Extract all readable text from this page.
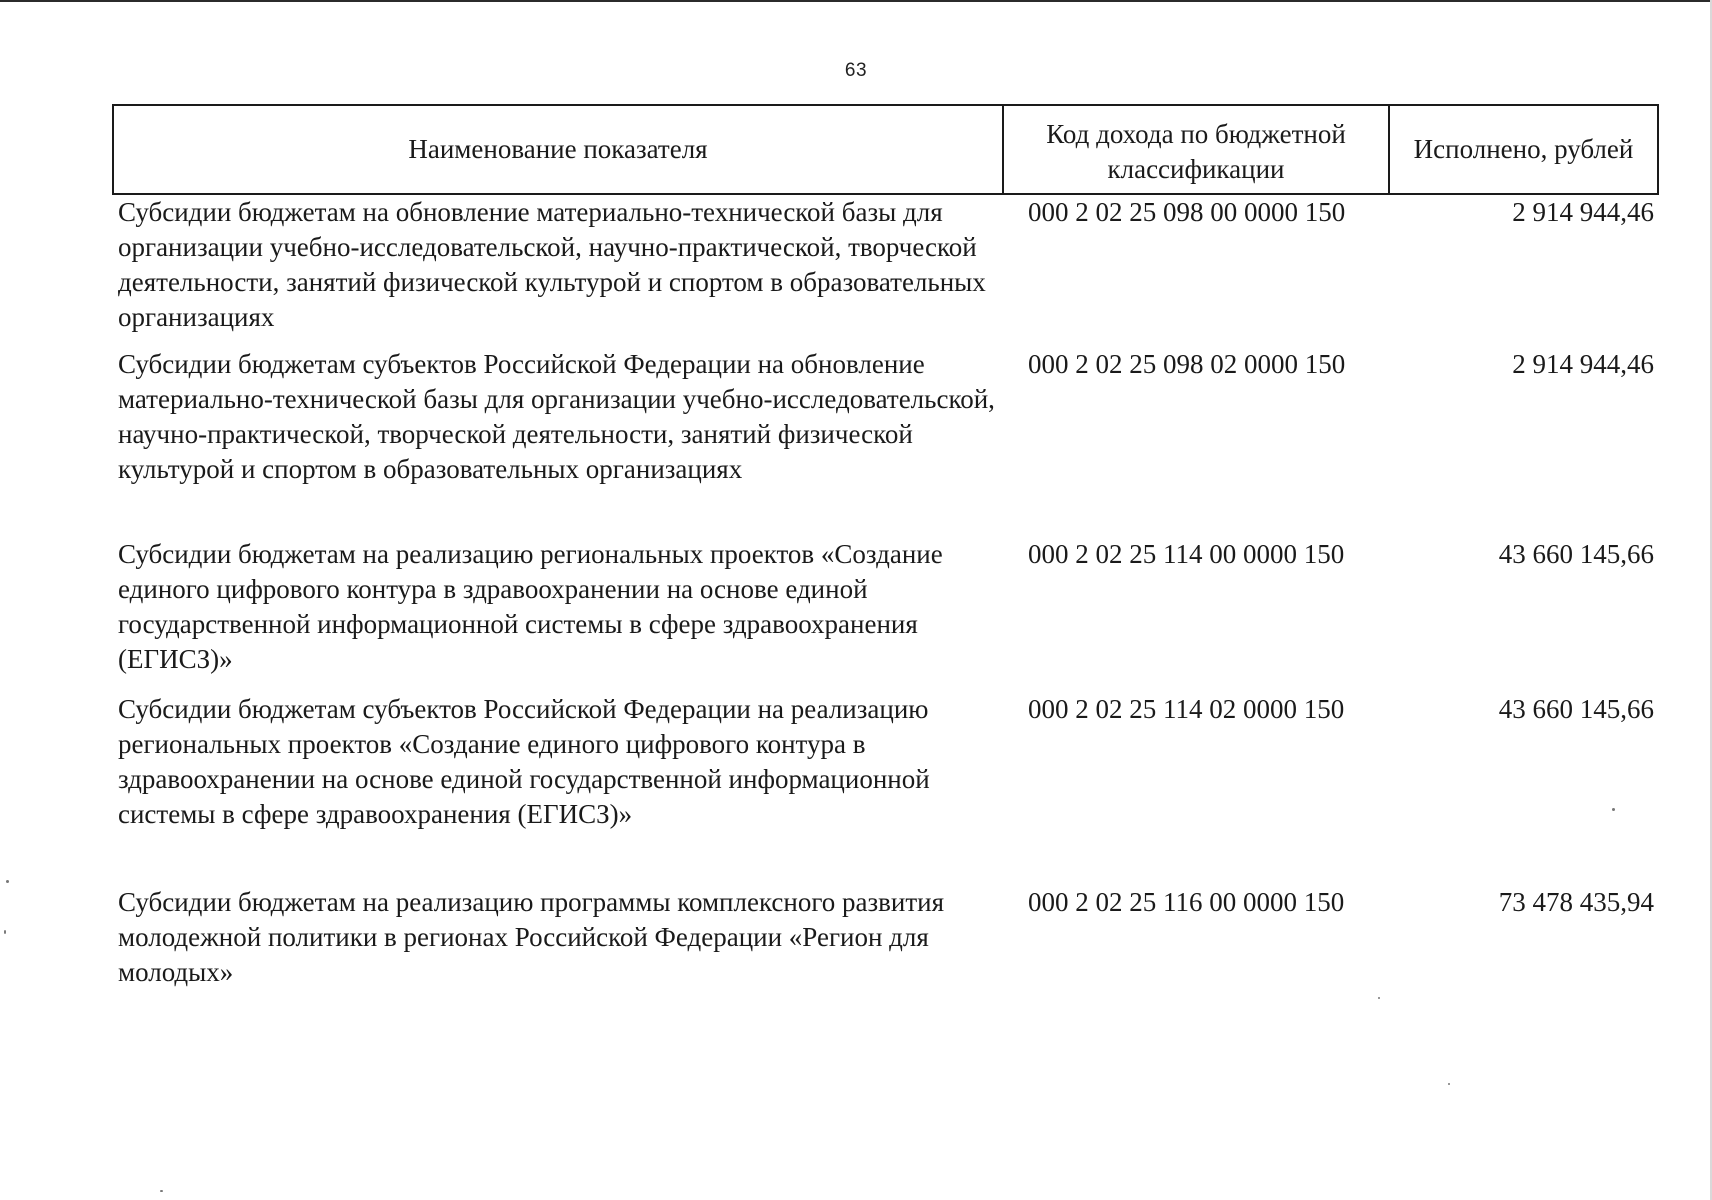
63
Наименование показателя	Код дохода по бюджетной классификации	Исполнено, рублей
Субсидии бюджетам на обновление материально-технической базы для организации учебно-исследовательской, научно-практической, творческой деятельности, занятий физической культурой и спортом в образовательных организациях	000 2 02 25 098 00 0000 150	2 914 944,46
Субсидии бюджетам субъектов Российской Федерации на обновление материально-технической базы для организации учебно-исследовательской, научно-практической, творческой деятельности, занятий физической культурой и спортом в образовательных организациях	000 2 02 25 098 02 0000 150	2 914 944,46
Субсидии бюджетам на реализацию региональных проектов «Создание единого цифрового контура в здравоохранении на основе единой государственной информационной системы в сфере здравоохранения (ЕГИСЗ)»	000 2 02 25 114 00 0000 150	43 660 145,66
Субсидии бюджетам субъектов Российской Федерации на реализацию региональных проектов «Создание единого цифрового контура в здравоохранении на основе единой государственной информационной системы в сфере здравоохранения (ЕГИСЗ)»	000 2 02 25 114 02 0000 150	43 660 145,66
Субсидии бюджетам на реализацию программы комплексного развития молодежной политики в регионах Российской Федерации «Регион для молодых»	000 2 02 25 116 00 0000 150	73 478 435,94
